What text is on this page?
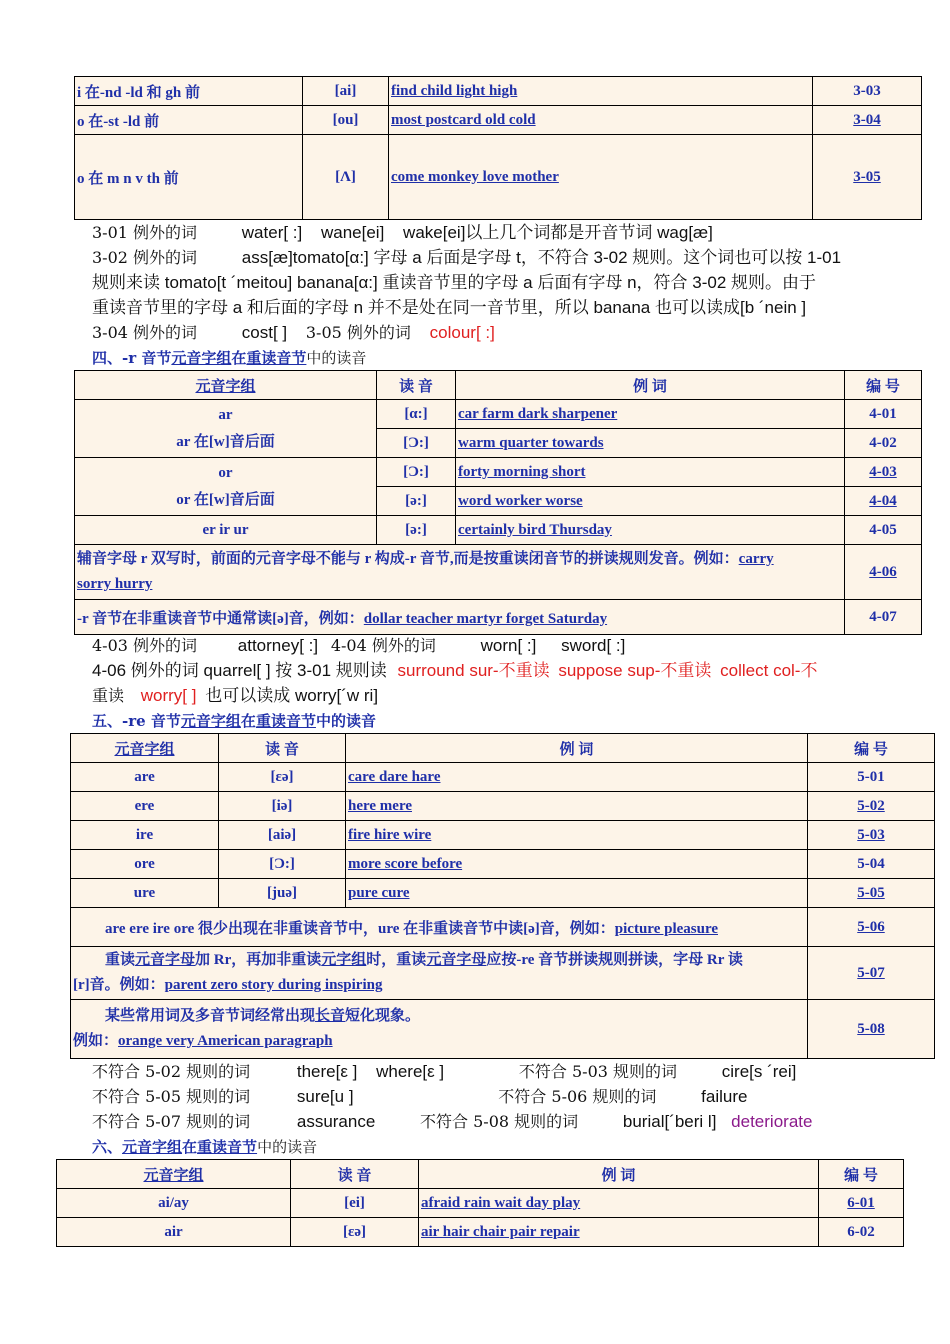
i 在-nd -ld 和 gh 前	[ai]	find child light high	3-03
o 在-st -ld 前	[ou]	most postcard old cold	3-04
o 在 m n v th 前	[Λ]	come monkey love mother	3-05
3-01 例外的词	water[ :] wane[ei] wake[ei]以上几个词都是开音节词 wag[æ]
3-02 例外的词	ass[æ]tomato[α:] 字母 a 后面是字母 t，不符合 3-02 规则。这个词也可以按 1-01
规则来读 tomato[t ´meitou] banana[α:] 重读音节里的字母 a 后面有字母 n，符合 3-02 规则。由于
重读音节里的字母 a 和后面的字母 n 并不是处在同一音节里，所以 banana 也可以读成[b ´nein ]
3-04 例外的词	cost[ ] 3-05 例外的词 colour[ :]
四、-r 音节元音字组在重读音节中的读音
元音字组	读 音	例 词	编 号

ar
ar 在[w]音后面	[α:]	car farm dark sharpener	4-01
	[Ɔ:]	warm quarter towards	4-02

or
or 在[w]音后面	[Ɔ:]	forty morning short	4-03
	[ə:]	word worker worse	4-04
er ir ur	[ə:]	certainly bird Thursday	4-05
辅音字母 r 双写时，前面的元音字母不能与 r 构成-r 音节,而是按重读闭音节的拼读规则发音。例如：carry
sorry hurry			4-06
-r 音节在非重读音节中通常读[ə]音，例如：dollar teacher martyr forget Saturday			4-07
4-03 例外的词 attorney[ :] 4-04 例外的词	worn[ :] sword[ :]
4-06 例外的词 quarrel[ ] 按 3-01 规则读 surround sur-不重读 suppose sup-不重读 collect col-不
重读 worry[ ] 也可以读成 worry[´w ri]
五、-re 音节元音字组在重读音节中的读音
元音字组	读 音	例 词	编 号
are	[εə]	care dare hare	5-01
ere	[iə]	here mere	5-02
ire	[aiə]	fire hire wire	5-03
ore	[Ɔ:]	more score before	5-04
ure	[juə]	pure cure	5-05
are ere ire ore 很少出现在非重读音节中，ure 在非重读音节中读[ə]音，例如：picture pleasure			5-06
重读元音字母加 Rr，再加非重读元字组时，重读元音字母应按-re 音节拼读规则拼读，字母 Rr 读
[r]音。例如：parent zero story during inspiring			5-07
某些常用词及多音节词经常出现长音短化现象。
例如：orange very American paragraph			5-08
不符合 5-02 规则的词	there[ε ] where[ε ]	不符合 5-03 规则的词	cire[s ´rei]
不符合 5-05 规则的词	sure[u ]	不符合 5-06 规则的词	failure
不符合 5-07 规则的词	assurance	不符合 5-08 规则的词	burial[´beri l] deteriorate
六、元音字组在重读音节中的读音
元音字组	读 音	例 词	编 号
ai/ay	[ei]	afraid rain wait day play	6-01
air	[εə]	air hair chair pair repair	6-02
